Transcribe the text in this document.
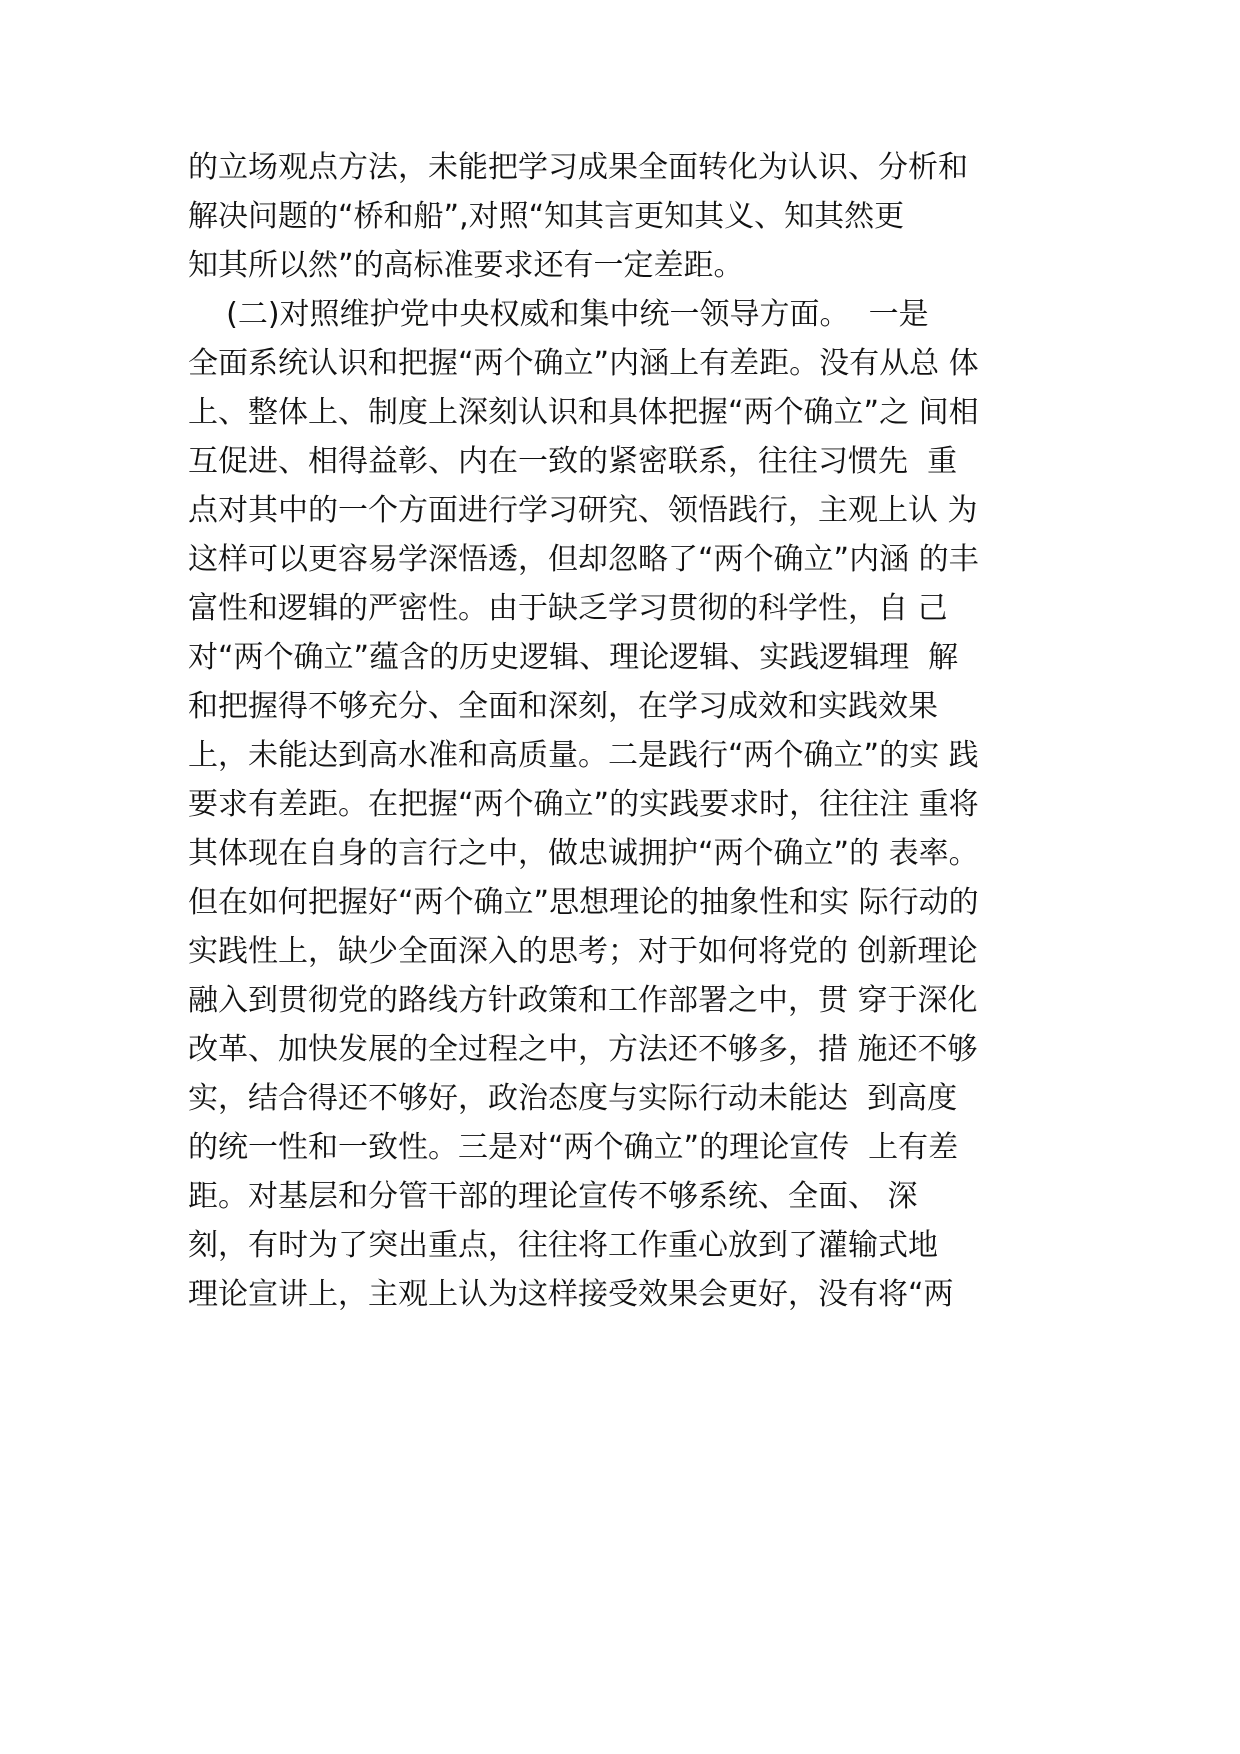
的立场观点方法，未能把学习成果全面转化为认识、分析和
解决问题的“桥和船”,对照“知其言更知其义、知其然更
知其所以然”的高标准要求还有一定差距。
(二)对照维护党中央权威和集中统一领导方面。  一是
全面系统认识和把握“两个确立”内涵上有差距。没有从总 体
上、整体上、制度上深刻认识和具体把握“两个确立”之 间相
互促进、相得益彰、内在一致的紧密联系，往往习惯先  重
点对其中的一个方面进行学习研究、领悟践行，主观上认 为
这样可以更容易学深悟透，但却忽略了“两个确立”内涵 的丰
富性和逻辑的严密性。由于缺乏学习贯彻的科学性，自 己
对“两个确立”蕴含的历史逻辑、理论逻辑、实践逻辑理  解
和把握得不够充分、全面和深刻，在学习成效和实践效果
上，未能达到高水准和高质量。二是践行“两个确立”的实 践
要求有差距。在把握“两个确立”的实践要求时，往往注 重将
其体现在自身的言行之中，做忠诚拥护“两个确立”的 表率。
但在如何把握好“两个确立”思想理论的抽象性和实 际行动的
实践性上，缺少全面深入的思考；对于如何将党的 创新理论
融入到贯彻党的路线方针政策和工作部署之中，贯 穿于深化
改革、加快发展的全过程之中，方法还不够多，措 施还不够
实，结合得还不够好，政治态度与实际行动未能达  到高度
的统一性和一致性。三是对“两个确立”的理论宣传  上有差
距。对基层和分管干部的理论宣传不够系统、全面、 深
刻，有时为了突出重点，往往将工作重心放到了灌输式地
理论宣讲上，主观上认为这样接受效果会更好，没有将“两
